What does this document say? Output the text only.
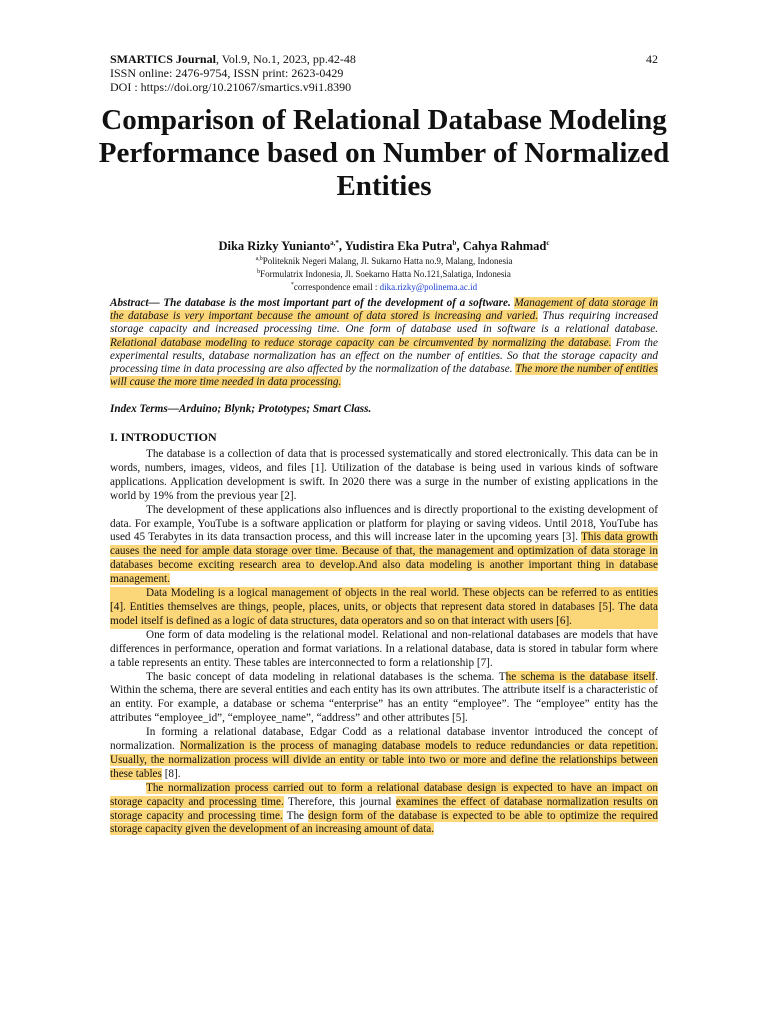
SMARTICS Journal, Vol.9, No.1, 2023, pp.42-48	42
ISSN online: 2476-9754, ISSN print: 2623-0429
DOI : https://doi.org/10.21067/smartics.v9i1.8390
Comparison of Relational Database Modeling Performance based on Number of Normalized Entities
Dika Rizky Yunianto$^{a,*}$, Yudistira Eka Putra$^b$, Cahya Rahmad$^c$
$^{a,b}$Politeknik Negeri Malang, Jl. Sukarno Hatta no.9, Malang, Indonesia
$^b$Formulatrix Indonesia, Jl. Soekarno Hatta No.121,Salatiga, Indonesia
*correspondence email : dika.rizky@polinema.ac.id
Abstract— The database is the most important part of the development of a software. Management of data storage in the database is very important because the amount of data stored is increasing and varied. Thus requiring increased storage capacity and increased processing time. One form of database used in software is a relational database. Relational database modeling to reduce storage capacity can be circumvented by normalizing the database. From the experimental results, database normalization has an effect on the number of entities. So that the storage capacity and processing time in data processing are also affected by the normalization of the database. The more the number of entities will cause the more time needed in data processing.
Index Terms—Arduino; Blynk; Prototypes; Smart Class.
I. INTRODUCTION

The database is a collection of data that is processed systematically and stored electronically. This data can be in words, numbers, images, videos, and files [1]. Utilization of the database is being used in various kinds of software applications. Application development is swift. In 2020 there was a surge in the number of existing applications in the world by 19% from the previous year [2].

The development of these applications also influences and is directly proportional to the existing development of data. For example, YouTube is a software application or platform for playing or saving videos. Until 2018, YouTube has used 45 Terabytes in its data transaction process, and this will increase later in the upcoming years [3]. This data growth causes the need for ample data storage over time. Because of that, the management and optimization of data storage in databases become exciting research area to develop.And also data modeling is another important thing in database management.

Data Modeling is a logical management of objects in the real world. These objects can be referred to as entities [4]. Entities themselves are things, people, places, units, or objects that represent data stored in databases [5]. The data model itself is defined as a logic of data structures, data operators and so on that interact with users [6].

One form of data modeling is the relational model. Relational and non-relational databases are models that have differences in performance, operation and format variations. In a relational database, data is stored in tabular form where a table represents an entity. These tables are interconnected to form a relationship [7].

The basic concept of data modeling in relational databases is the schema. The schema is the database itself. Within the schema, there are several entities and each entity has its own attributes. The attribute itself is a characteristic of an entity. For example, a database or schema “enterprise” has an entity “employee”. The “employee” entity has the attributes “employee_id”, “employee_name”, “address” and other attributes [5].

In forming a relational database, Edgar Codd as a relational database inventor introduced the concept of normalization. Normalization is the process of managing database models to reduce redundancies or data repetition. Usually, the normalization process will divide an entity or table into two or more and define the relationships between these tables [8].

The normalization process carried out to form a relational database design is expected to have an impact on storage capacity and processing time. Therefore, this journal examines the effect of database normalization results on storage capacity and processing time. The design form of the database is expected to be able to optimize the required storage capacity given the development of an increasing amount of data.
